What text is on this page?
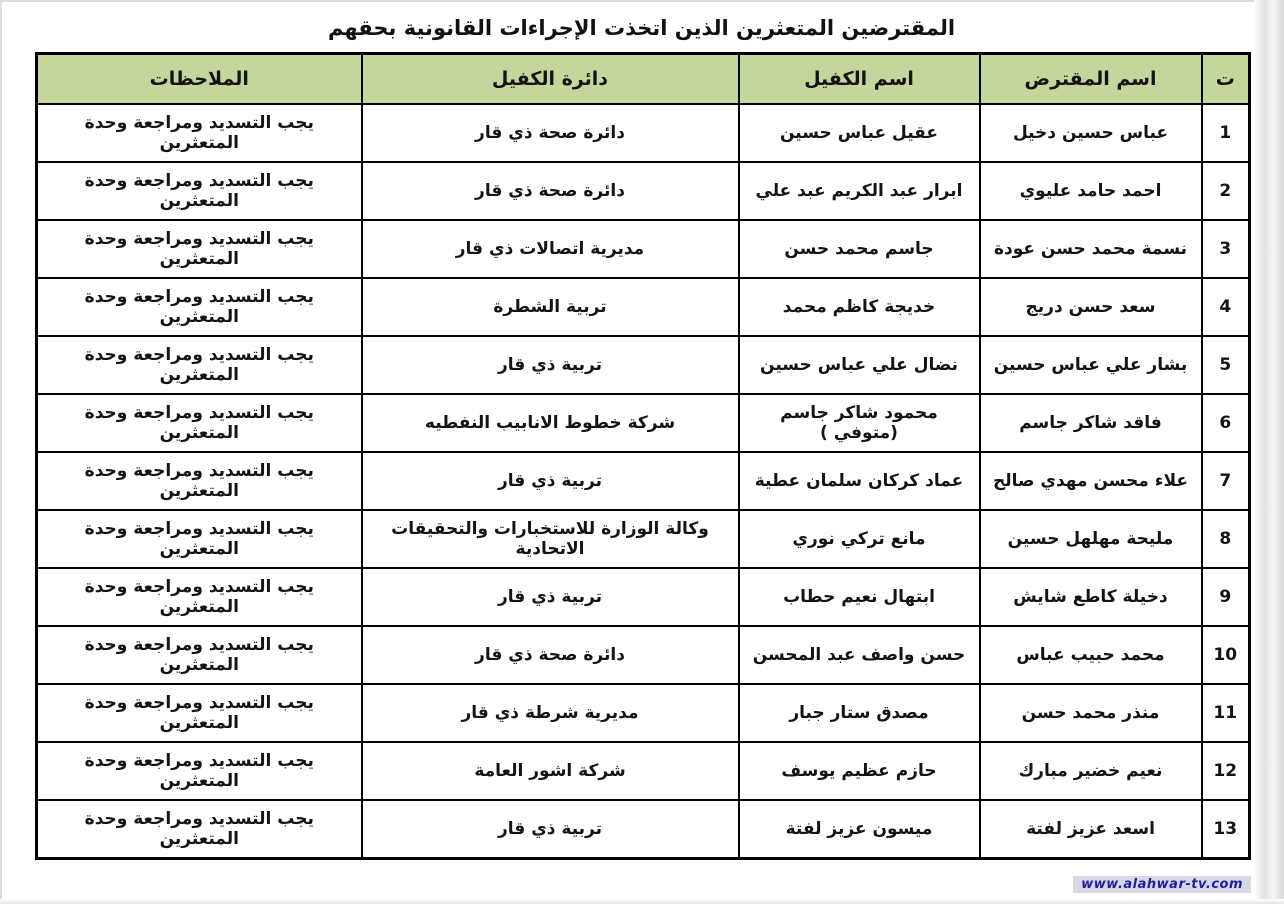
المقترضين المتعثرين الذين اتخذت الإجراءات القانونية بحقهم
ت	اسم المقترض	اسم الكفيل	دائرة الكفيل	الملاحظات
1	عباس حسين دخيل	عقيل عباس حسين	دائرة صحة ذي قار	يجب التسديد ومراجعة وحدة المتعثرين
2	احمد حامد عليوي	ابرار عبد الكريم عبد علي	دائرة صحة ذي قار	يجب التسديد ومراجعة وحدة المتعثرين
3	نسمة محمد حسن عودة	جاسم محمد حسن	مديرية اتصالات ذي قار	يجب التسديد ومراجعة وحدة المتعثرين
4	سعد حسن دريج	خديجة كاظم محمد	تربية الشطرة	يجب التسديد ومراجعة وحدة المتعثرين
5	بشار علي عباس حسين	نضال علي عباس حسين	تربية ذي قار	يجب التسديد ومراجعة وحدة المتعثرين
6	فاقد شاكر جاسم	محمود شاكر جاسم (متوفي )	شركة خطوط الانابيب النفطيه	يجب التسديد ومراجعة وحدة المتعثرين
7	علاء محسن مهدي صالح	عماد كركان سلمان عطية	تربية ذي قار	يجب التسديد ومراجعة وحدة المتعثرين
8	مليحة مهلهل حسين	مانع تركي نوري	وكالة الوزارة للاستخبارات والتحقيقات الاتحادية	يجب التسديد ومراجعة وحدة المتعثرين
9	دخيلة كاطع شايش	ابتهال نعيم حطاب	تربية ذي قار	يجب التسديد ومراجعة وحدة المتعثرين
10	محمد حبيب عباس	حسن واصف عبد المحسن	دائرة صحة ذي قار	يجب التسديد ومراجعة وحدة المتعثرين
11	منذر محمد حسن	مصدق ستار جبار	مديرية شرطة ذي قار	يجب التسديد ومراجعة وحدة المتعثرين
12	نعيم خضير مبارك	حازم عظيم يوسف	شركة اشور العامة	يجب التسديد ومراجعة وحدة المتعثرين
13	اسعد عزيز لفتة	ميسون عزيز لفتة	تربية ذي قار	يجب التسديد ومراجعة وحدة المتعثرين
www.alahwar-tv.com
